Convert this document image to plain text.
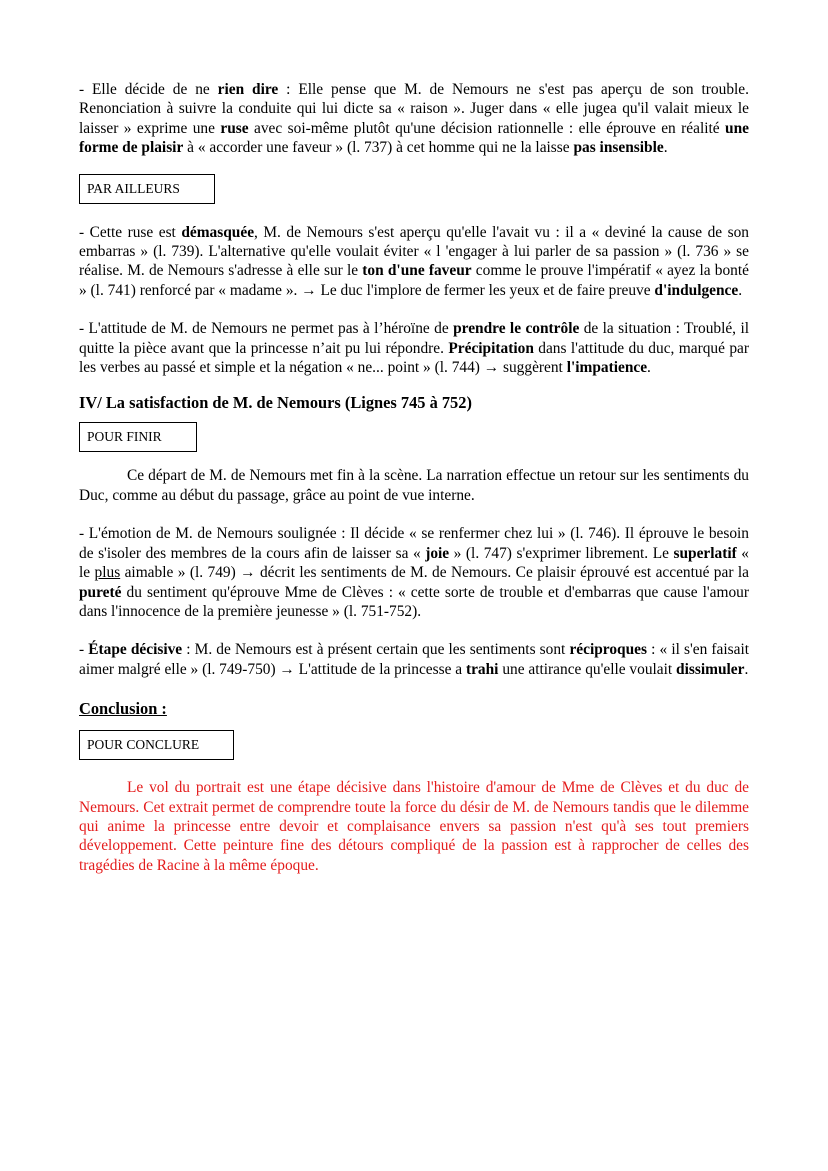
- Elle décide de ne rien dire : Elle pense que M. de Nemours ne s'est pas aperçu de son trouble. Renonciation à suivre la conduite qui lui dicte sa « raison ». Juger dans « elle jugea qu'il valait mieux le laisser » exprime une ruse avec soi-même plutôt qu'une décision rationnelle : elle éprouve en réalité une forme de plaisir à « accorder une faveur » (l. 737) à cet homme qui ne la laisse pas insensible.

PAR AILLEURS

- Cette ruse est démasquée, M. de Nemours s'est aperçu qu'elle l'avait vu : il a « deviné la cause de son embarras » (l. 739). L'alternative qu'elle voulait éviter « l 'engager à lui parler de sa passion » (l. 736 » se réalise. M. de Nemours s'adresse à elle sur le ton d'une faveur comme le prouve l'impératif « ayez la bonté » (l. 741) renforcé par « madame ». → Le duc l'implore de fermer les yeux et de faire preuve d'indulgence.

- L'attitude de M. de Nemours ne permet pas à l’héroïne de prendre le contrôle de la situation : Troublé, il quitte la pièce avant que la princesse n’ait pu lui répondre. Précipitation dans l'attitude du duc, marqué par les verbes au passé et simple et la négation « ne... point » (l. 744) → suggèrent l'impatience.

IV/ La satisfaction de M. de Nemours (Lignes 745 à 752)
POUR FINIR

Ce départ de M. de Nemours met fin à la scène. La narration effectue un retour sur les sentiments du Duc, comme au début du passage, grâce au point de vue interne.

- L'émotion de M. de Nemours soulignée : Il décide « se renfermer chez lui » (l. 746). Il éprouve le besoin de s'isoler des membres de la cours afin de laisser sa « joie » (l. 747) s'exprimer librement. Le superlatif « le plus aimable » (l. 749) → décrit les sentiments de M. de Nemours. Ce plaisir éprouvé est accentué par la pureté du sentiment qu'éprouve Mme de Clèves : « cette sorte de trouble et d'embarras que cause l'amour dans l'innocence de la première jeunesse » (l. 751-752).

- Étape décisive : M. de Nemours est à présent certain que les sentiments sont réciproques : « il s'en faisait aimer malgré elle » (l. 749-750) → L'attitude de la princesse a trahi une attirance qu'elle voulait dissimuler.

Conclusion :
POUR CONCLURE

Le vol du portrait est une étape décisive dans l'histoire d'amour de Mme de Clèves et du duc de Nemours. Cet extrait permet de comprendre toute la force du désir de M. de Nemours tandis que le dilemme qui anime la princesse entre devoir et complaisance envers sa passion n'est qu'à ses tout premiers développement. Cette peinture fine des détours compliqué de la passion est à rapprocher de celles des tragédies de Racine à la même époque.
